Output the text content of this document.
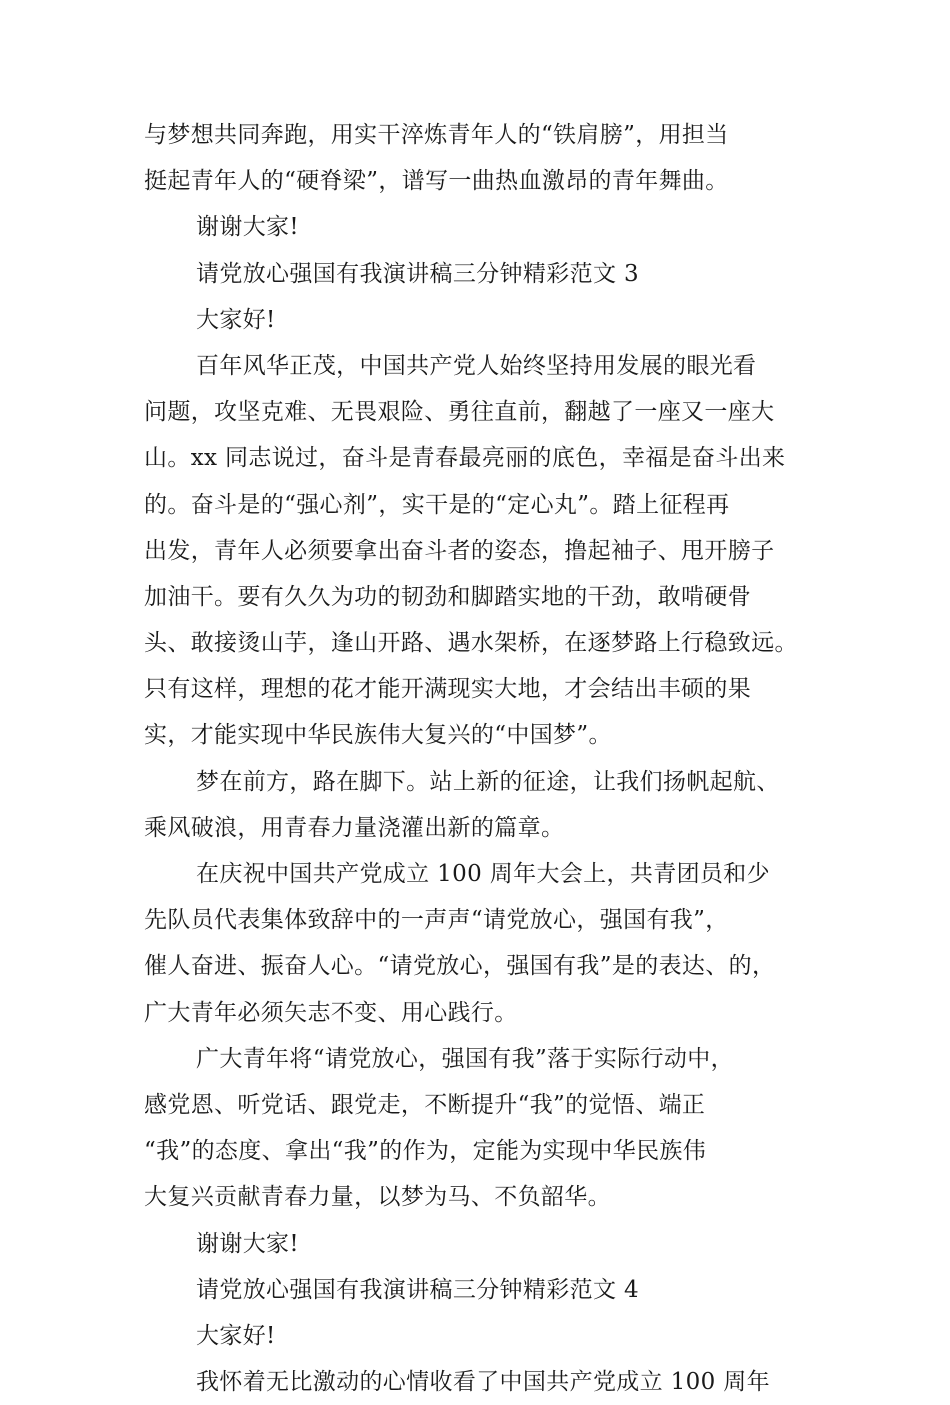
与梦想共同奔跑，用实干淬炼青年人的“铁肩膀”，用担当
挺起青年人的“硬脊梁”，谱写一曲热血激昂的青年舞曲。
谢谢大家!
请党放心强国有我演讲稿三分钟精彩范文 3
大家好!
百年风华正茂，中国共产党人始终坚持用发展的眼光看
问题，攻坚克难、无畏艰险、勇往直前，翻越了一座又一座大
山。xx 同志说过，奋斗是青春最亮丽的底色，幸福是奋斗出来
的。奋斗是的“强心剂”，实干是的“定心丸”。踏上征程再
出发，青年人必须要拿出奋斗者的姿态，撸起袖子、甩开膀子
加油干。要有久久为功的韧劲和脚踏实地的干劲，敢啃硬骨
头、敢接烫山芋，逢山开路、遇水架桥，在逐梦路上行稳致远。
只有这样，理想的花才能开满现实大地，才会结出丰硕的果
实，才能实现中华民族伟大复兴的“中国梦”。
梦在前方，路在脚下。站上新的征途，让我们扬帆起航、
乘风破浪，用青春力量浇灌出新的篇章。
在庆祝中国共产党成立 100 周年大会上，共青团员和少
先队员代表集体致辞中的一声声“请党放心，强国有我”，
催人奋进、振奋人心。“请党放心，强国有我”是的表达、的，
广大青年必须矢志不变、用心践行。
广大青年将“请党放心，强国有我”落于实际行动中，
感党恩、听党话、跟党走，不断提升“我”的觉悟、端正
“我”的态度、拿出“我”的作为，定能为实现中华民族伟
大复兴贡献青春力量，以梦为马、不负韶华。
谢谢大家!
请党放心强国有我演讲稿三分钟精彩范文 4
大家好!
我怀着无比激动的心情收看了中国共产党成立 100 周年
